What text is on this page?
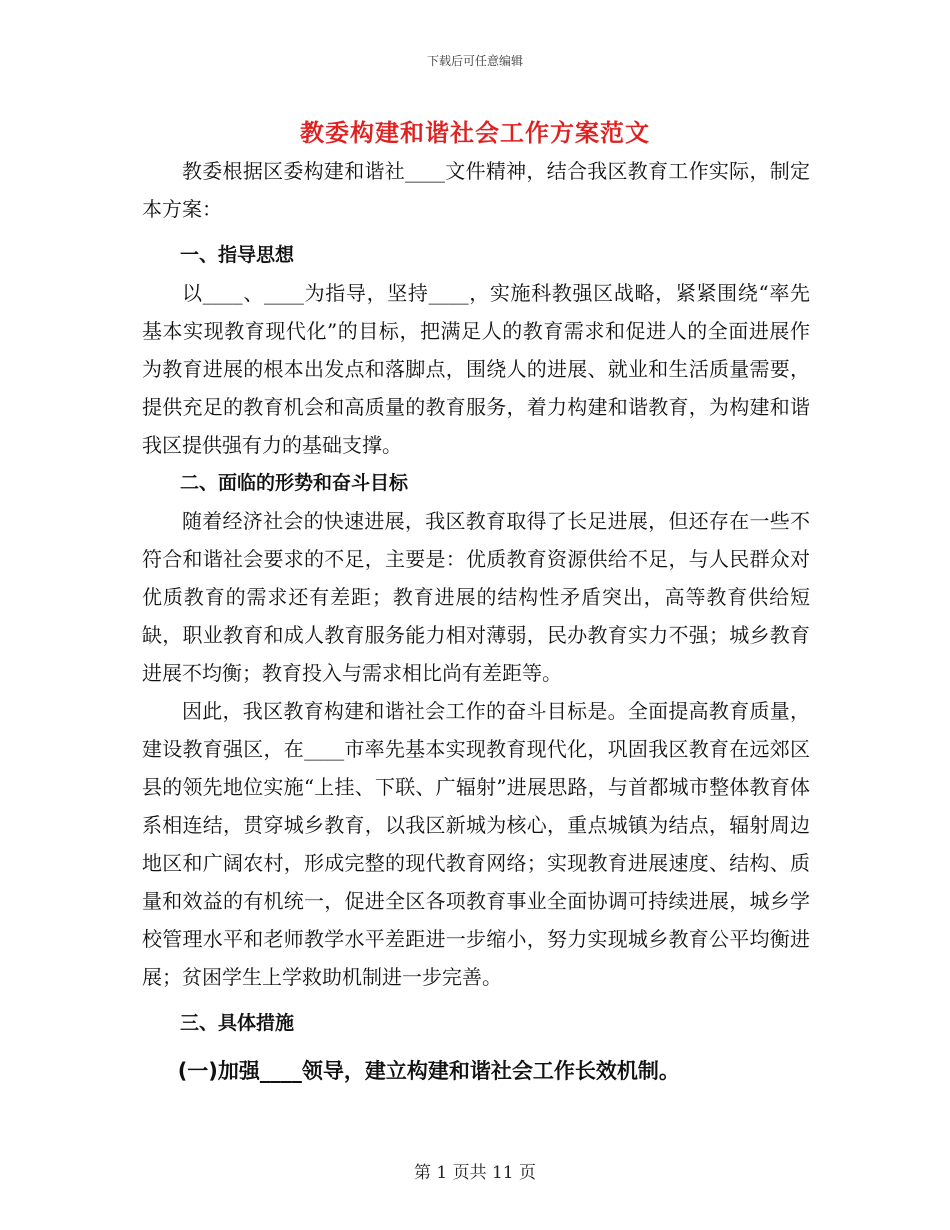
下载后可任意编辑
教委构建和谐社会工作方案范文

教委根据区委构建和谐社____文件精神，结合我区教育工作实际，制定本方案：

一、指导思想

以____、____为指导，坚持____，实施科教强区战略，紧紧围绕“率先基本实现教育现代化”的目标，把满足人的教育需求和促进人的全面进展作为教育进展的根本出发点和落脚点，围绕人的进展、就业和生活质量需要，提供充足的教育机会和高质量的教育服务，着力构建和谐教育，为构建和谐我区提供强有力的基础支撑。

二、面临的形势和奋斗目标

随着经济社会的快速进展，我区教育取得了长足进展，但还存在一些不符合和谐社会要求的不足，主要是：优质教育资源供给不足，与人民群众对优质教育的需求还有差距；教育进展的结构性矛盾突出，高等教育供给短缺，职业教育和成人教育服务能力相对薄弱，民办教育实力不强；城乡教育进展不均衡；教育投入与需求相比尚有差距等。

因此，我区教育构建和谐社会工作的奋斗目标是。全面提高教育质量，建设教育强区，在____市率先基本实现教育现代化，巩固我区教育在远郊区县的领先地位实施“上挂、下联、广辐射”进展思路，与首都城市整体教育体系相连结，贯穿城乡教育，以我区新城为核心，重点城镇为结点，辐射周边地区和广阔农村，形成完整的现代教育网络；实现教育进展速度、结构、质量和效益的有机统一，促进全区各项教育事业全面协调可持续进展，城乡学校管理水平和老师教学水平差距进一步缩小，努力实现城乡教育公平均衡进展；贫困学生上学救助机制进一步完善。

三、具体措施

(一)加强____领导，建立构建和谐社会工作长效机制。

第 1 页共 11 页
